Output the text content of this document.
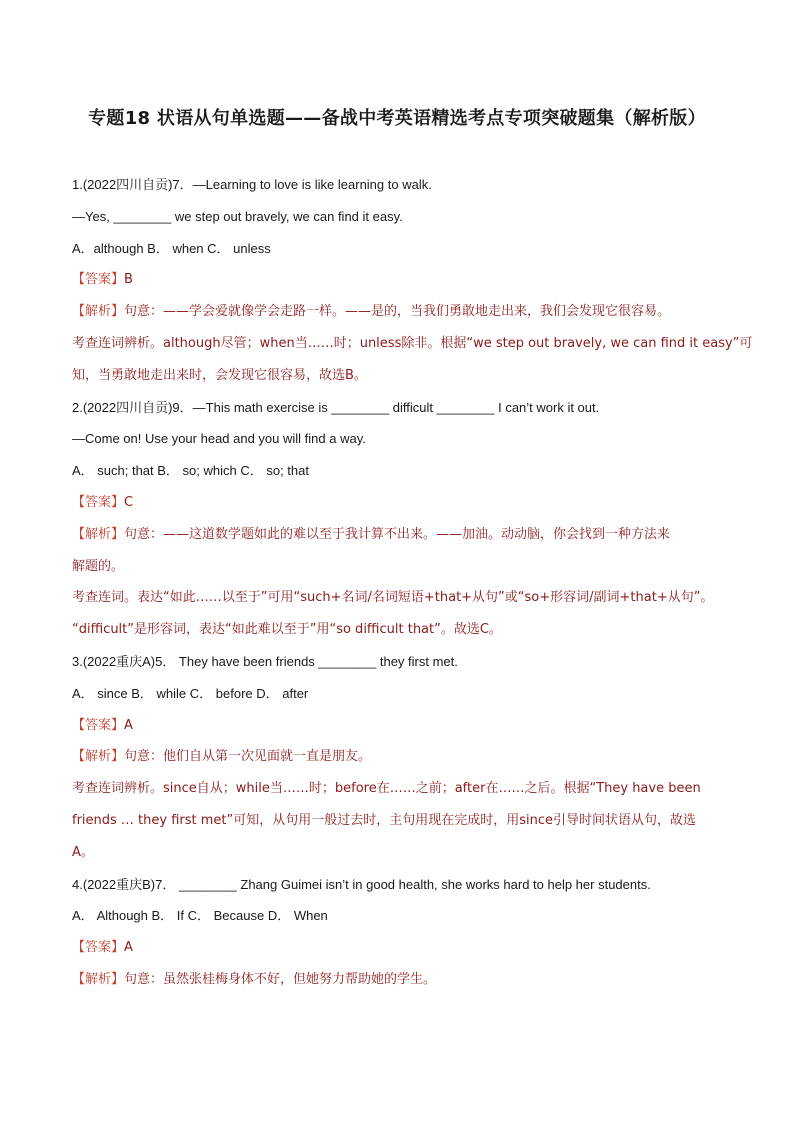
专题18 状语从句单选题——备战中考英语精选考点专项突破题集（解析版）
1.(2022四川自贡)7．—Learning to love is like learning to walk.
—Yes, ________ we step out bravely, we can find it easy.
A．although B． when C． unless
【答案】B
【解析】句意：——学会爱就像学会走路一样。——是的，当我们勇敢地走出来，我们会发现它很容易。
考查连词辨析。although尽管；when当……时；unless除非。根据“we step out bravely, we can find it easy”可
知，当勇敢地走出来时，会发现它很容易，故选B。
2.(2022四川自贡)9．—This math exercise is ________ difficult ________ I can’t work it out.
—Come on! Use your head and you will find a way.
A． such; that B． so; which C． so; that
【答案】C
【解析】句意：——这道数学题如此的难以至于我计算不出来。——加油。动动脑，你会找到一种方法来
解题的。
考查连词。表达“如此……以至于”可用“such+名词/名词短语+that+从句”或“so+形容词/副词+that+从句”。
“difficult”是形容词，表达“如此难以至于”用“so difficult that”。故选C。
3.(2022重庆A)5． They have been friends ________ they first met.
A． since B． while C． before D． after
【答案】A
【解析】句意：他们自从第一次见面就一直是朋友。
考查连词辨析。since自从；while当……时；before在……之前；after在……之后。根据“They have been
friends … they first met”可知，从句用一般过去时，主句用现在完成时，用since引导时间状语从句，故选
A。
4.(2022重庆B)7． ________ Zhang Guimei isn’t in good health, she works hard to help her students.
A． Although B． If C． Because D． When
【答案】A
【解析】句意：虽然张桂梅身体不好，但她努力帮助她的学生。
